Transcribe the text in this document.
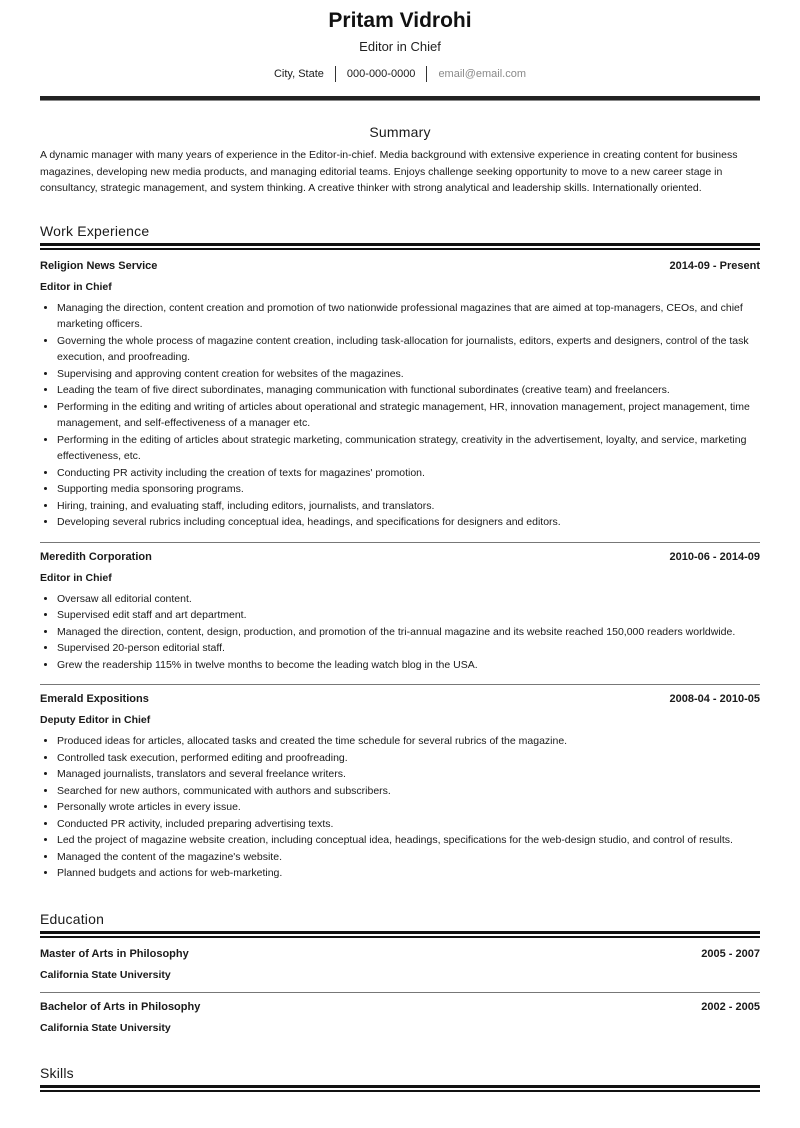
Pritam Vidrohi
Editor in Chief
City, State	000-000-0000	email@email.com
Summary
A dynamic manager with many years of experience in the Editor-in-chief. Media background with extensive experience in creating content for business magazines, developing new media products, and managing editorial teams. Enjoys challenge seeking opportunity to move to a new career stage in consultancy, strategic management, and system thinking. A creative thinker with strong analytical and leadership skills. Internationally oriented.
Work Experience
Religion News Service	2014-09 - Present
Editor in Chief
• Managing the direction, content creation and promotion of two nationwide professional magazines that are aimed at top-managers, CEOs, and chief marketing officers.
• Governing the whole process of magazine content creation, including task-allocation for journalists, editors, experts and designers, control of the task execution, and proofreading.
• Supervising and approving content creation for websites of the magazines.
• Leading the team of five direct subordinates, managing communication with functional subordinates (creative team) and freelancers.
• Performing in the editing and writing of articles about operational and strategic management, HR, innovation management, project management, time management, and self-effectiveness of a manager etc.
• Performing in the editing of articles about strategic marketing, communication strategy, creativity in the advertisement, loyalty, and service, marketing effectiveness, etc.
• Conducting PR activity including the creation of texts for magazines' promotion.
• Supporting media sponsoring programs.
• Hiring, training, and evaluating staff, including editors, journalists, and translators.
• Developing several rubrics including conceptual idea, headings, and specifications for designers and editors.
Meredith Corporation	2010-06 - 2014-09
Editor in Chief
• Oversaw all editorial content.
• Supervised edit staff and art department.
• Managed the direction, content, design, production, and promotion of the tri-annual magazine and its website reached 150,000 readers worldwide.
• Supervised 20-person editorial staff.
• Grew the readership 115% in twelve months to become the leading watch blog in the USA.
Emerald Expositions	2008-04 - 2010-05
Deputy Editor in Chief
• Produced ideas for articles, allocated tasks and created the time schedule for several rubrics of the magazine.
• Controlled task execution, performed editing and proofreading.
• Managed journalists, translators and several freelance writers.
• Searched for new authors, communicated with authors and subscribers.
• Personally wrote articles in every issue.
• Conducted PR activity, included preparing advertising texts.
• Led the project of magazine website creation, including conceptual idea, headings, specifications for the web-design studio, and control of results.
• Managed the content of the magazine's website.
• Planned budgets and actions for web-marketing.
Education
Master of Arts in Philosophy	2005 - 2007
California State University
Bachelor of Arts in Philosophy	2002 - 2005
California State University
Skills
